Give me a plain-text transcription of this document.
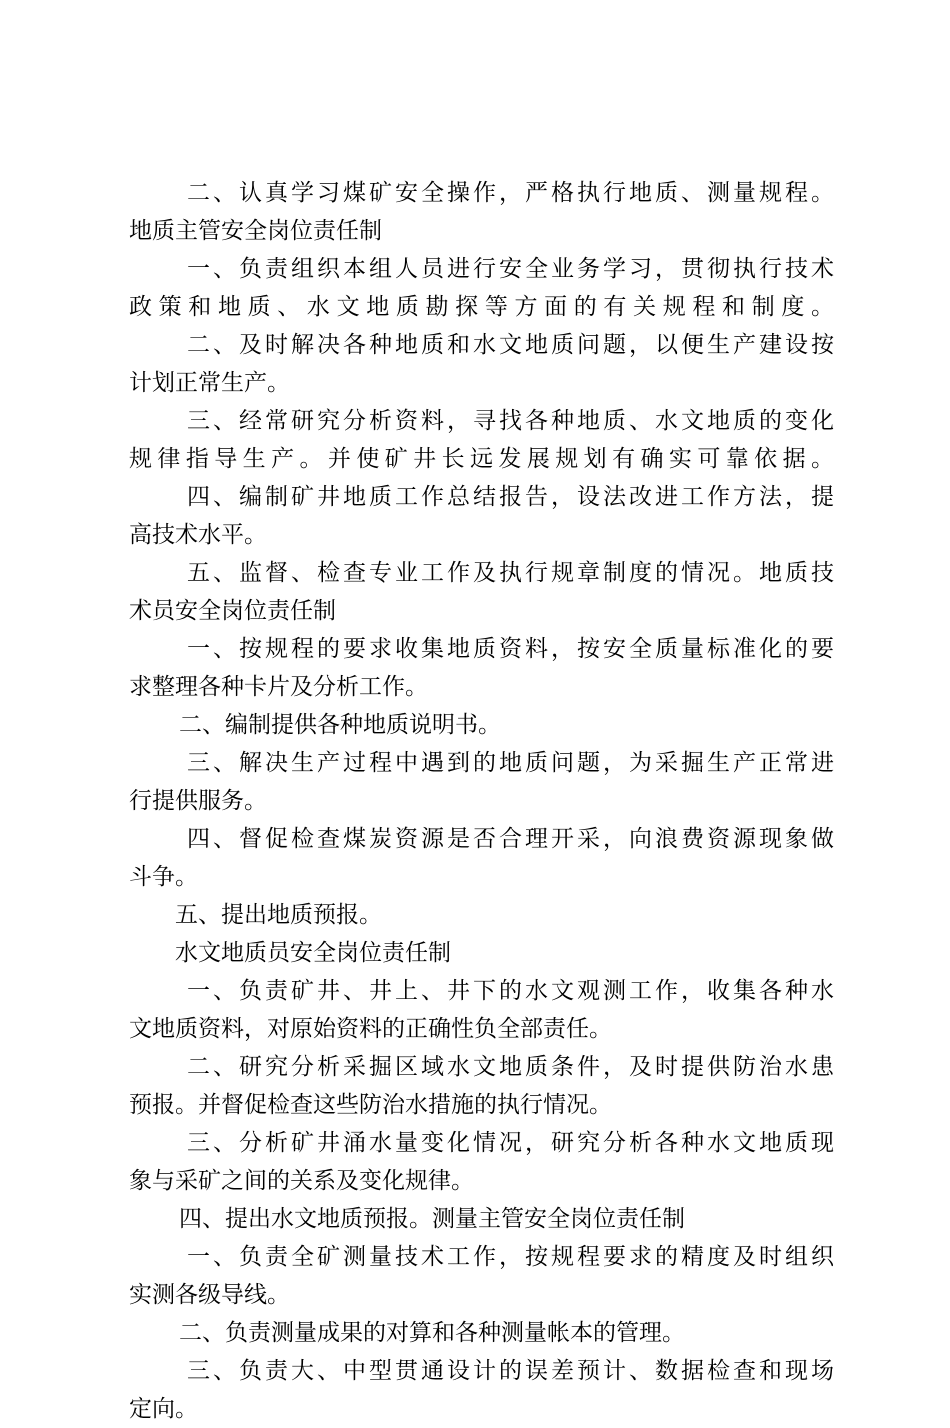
二、认真学习煤矿安全操作，严格执行地质、测量规程。
地质主管安全岗位责任制
一、负责组织本组人员进行安全业务学习，贯彻执行技术
政策和地质、水文地质勘探等方面的有关规程和制度。
二、及时解决各种地质和水文地质问题，以便生产建设按
计划正常生产。
三、经常研究分析资料，寻找各种地质、水文地质的变化
规律指导生产。并使矿井长远发展规划有确实可靠依据。
四、编制矿井地质工作总结报告，设法改进工作方法，提
高技术水平。
五、监督、检查专业工作及执行规章制度的情况。地质技
术员安全岗位责任制
一、按规程的要求收集地质资料，按安全质量标准化的要
求整理各种卡片及分析工作。
二、编制提供各种地质说明书。
三、解决生产过程中遇到的地质问题，为采掘生产正常进
行提供服务。
四、督促检查煤炭资源是否合理开采，向浪费资源现象做
斗争。
五、提出地质预报。
水文地质员安全岗位责任制
一、负责矿井、井上、井下的水文观测工作，收集各种水
文地质资料，对原始资料的正确性负全部责任。
二、研究分析采掘区域水文地质条件，及时提供防治水患
预报。并督促检查这些防治水措施的执行情况。
三、分析矿井涌水量变化情况，研究分析各种水文地质现
象与采矿之间的关系及变化规律。
四、提出水文地质预报。测量主管安全岗位责任制
一、负责全矿测量技术工作，按规程要求的精度及时组织
实测各级导线。
二、负责测量成果的对算和各种测量帐本的管理。
三、负责大、中型贯通设计的误差预计、数据检查和现场
定向。
